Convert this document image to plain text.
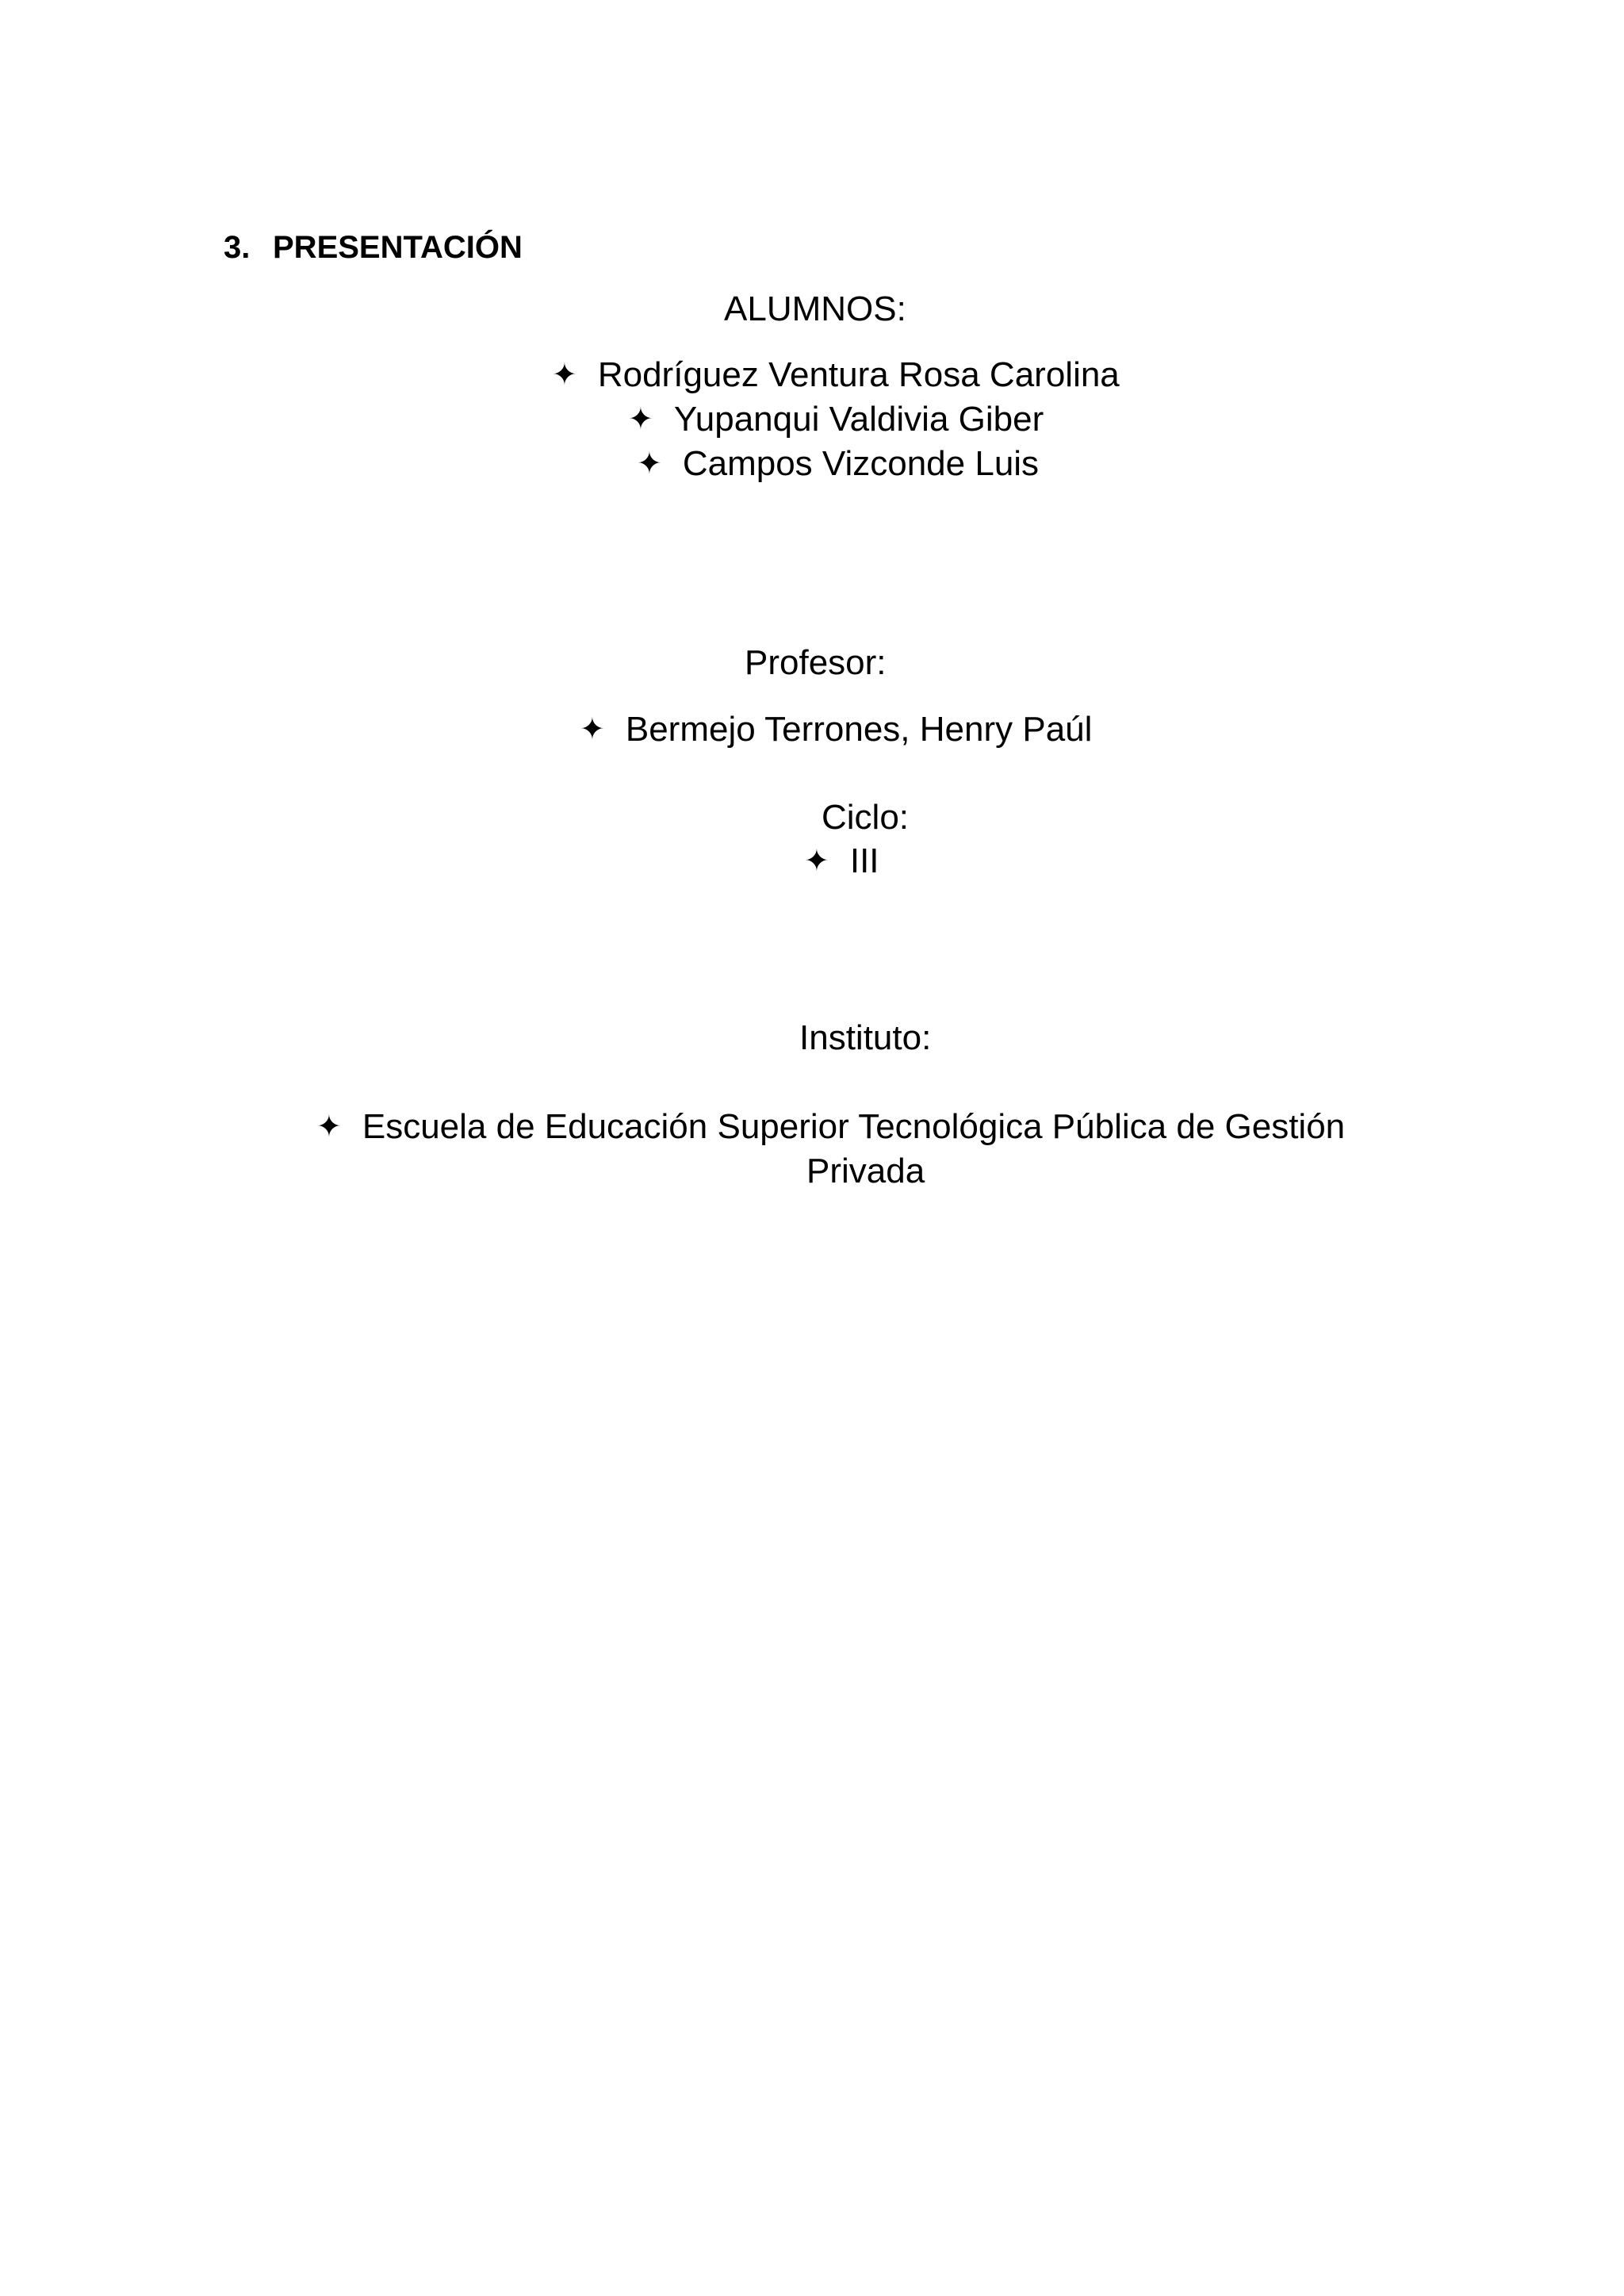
3. PRESENTACIÓN
ALUMNOS:
✦ Rodríguez Ventura Rosa Carolina
✦ Yupanqui Valdivia Giber
✦ Campos Vizconde Luis
Profesor:
✦ Bermejo Terrones, Henry Paúl
Ciclo:
✦ III
Instituto:
✦ Escuela de Educación Superior Tecnológica Pública de Gestión
Privada
